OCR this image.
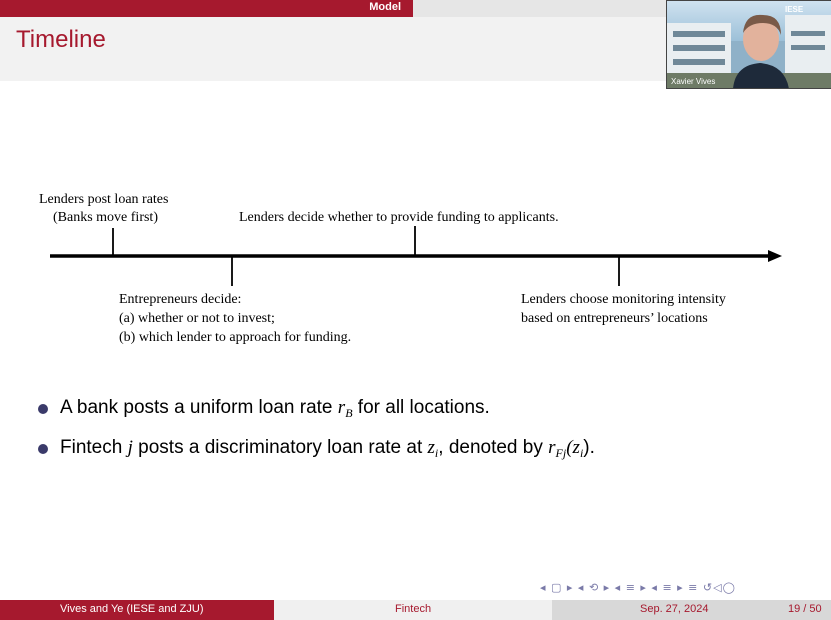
Model
Timeline
IESE
Xavier Vives
Lenders post loan rates
(Banks move first)	Lenders decide whether to provide funding to applicants.
Entrepreneurs decide:
(a) whether or not to invest;
(b) which lender to approach for funding.
Lenders choose monitoring intensity
based on entrepreneurs’ locations
A bank posts a uniform loan rate $r_B$ for all locations.
Fintech j posts a discriminatory loan rate at $z_i$, denoted by $r_{Fj}(z_i)$.
◂ ▢ ▸ ◂ ⟲ ▸ ◂ ≡ ▸ ◂ ≡ ▸ ≡ ↺◁◯
Vives and Ye (IESE and ZJU)	Fintech	Sep. 27, 2024	19 / 50
